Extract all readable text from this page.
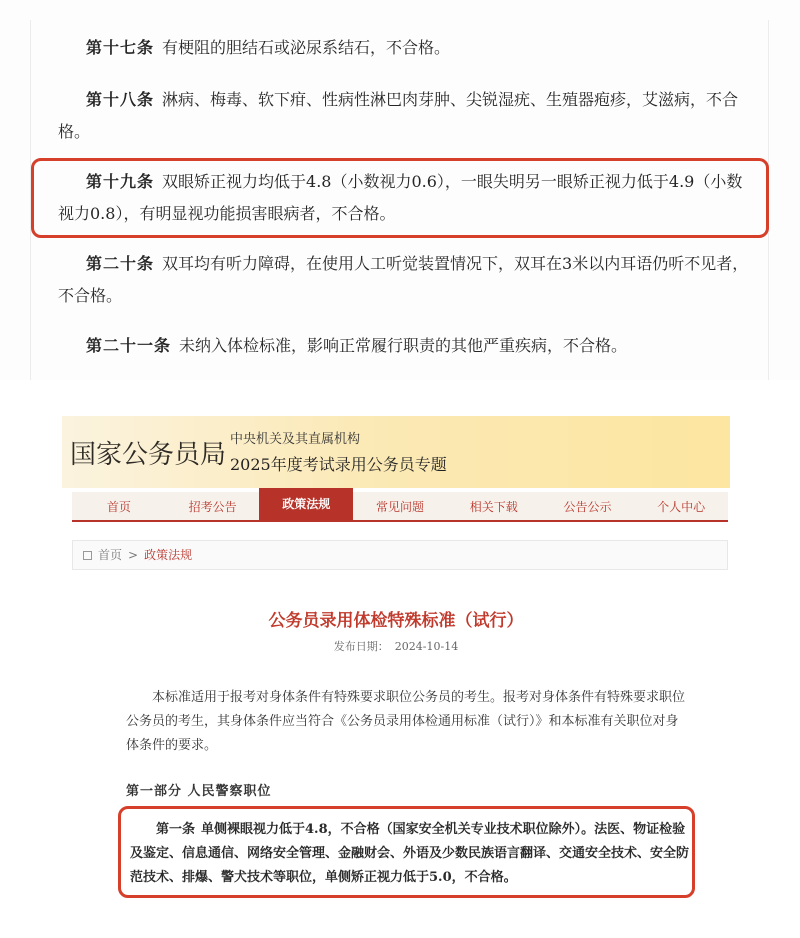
第十七条 有梗阻的胆结石或泌尿系结石，不合格。

第十八条 淋病、梅毒、软下疳、性病性淋巴肉芽肿、尖锐湿疣、生殖器疱疹，艾滋病，不合格。

第十九条 双眼矫正视力均低于4.8（小数视力0.6），一眼失明另一眼矫正视力低于4.9（小数视力0.8），有明显视功能损害眼病者，不合格。

第二十条 双耳均有听力障碍，在使用人工听觉装置情况下，双耳在3米以内耳语仍听不见者，不合格。

第二十一条 未纳入体检标准，影响正常履行职责的其他严重疾病，不合格。

国家公务员局
中央机关及其直属机构
2025年度考试录用公务员专题
首页	招考公告	政策法规	常见问题	相关下载	公告公示	个人中心
首页 > 政策法规
公务员录用体检特殊标准（试行）
发布日期： 2024-10-14

本标准适用于报考对身体条件有特殊要求职位公务员的考生。报考对身体条件有特殊要求职位公务员的考生，其身体条件应当符合《公务员录用体检通用标准（试行）》和本标准有关职位对身体条件的要求。

第一部分 人民警察职位

第一条 单侧裸眼视力低于4.8，不合格（国家安全机关专业技术职位除外）。法医、物证检验及鉴定、信息通信、网络安全管理、金融财会、外语及少数民族语言翻译、交通安全技术、安全防范技术、排爆、警犬技术等职位，单侧矫正视力低于5.0，不合格。
